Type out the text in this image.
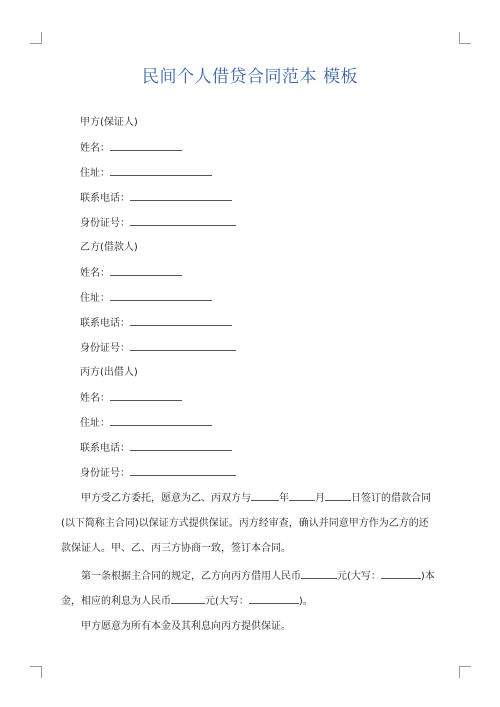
民间个人借贷合同范本 模板
甲方(保证人)
姓名：
住址：
联系电话：
身份证号：
乙方(借款人)
姓名：
住址：
联系电话：
身份证号：
丙方(出借人)
姓名：
住址：
联系电话：
身份证号：
甲方受乙方委托，愿意为乙、丙双方与	年	月	日签订的借款合同
(以下简称主合同)以保证方式提供保证。丙方经审查，确认并同意甲方作为乙方的还
款保证人。甲、乙、丙三方协商一致，签订本合同。
第一条根据主合同的规定，乙方向丙方借用人民币	元(大写：	)本
金，相应的利息为人民币	元(大写：	)。
甲方愿意为所有本金及其利息向丙方提供保证。
